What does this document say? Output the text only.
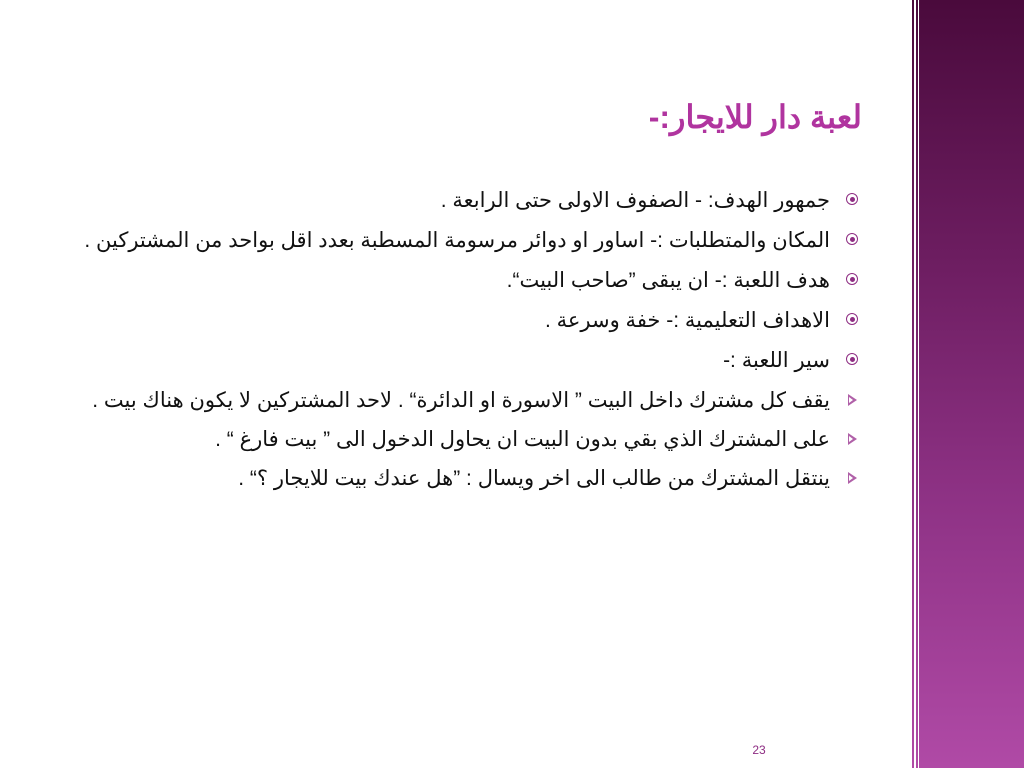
لعبة دار للايجار:-
جمهور الهدف: - الصفوف الاولى حتى الرابعة .
المكان والمتطلبات :- اساور او دوائر مرسومة المسطبة بعدد اقل بواحد من المشتركين .
هدف اللعبة :- ان يبقى ”صاحب البيت“.
الاهداف التعليمية :- خفة وسرعة .
سير اللعبة :-
يقف كل مشترك داخل البيت ” الاسورة او الدائرة“ . لاحد المشتركين لا يكون هناك بيت .
على المشترك الذي بقي بدون البيت ان يحاول الدخول الى ” بيت فارغ “ .
ينتقل المشترك من طالب الى اخر ويسال : ”هل عندك بيت للايجار ؟“ .
23
